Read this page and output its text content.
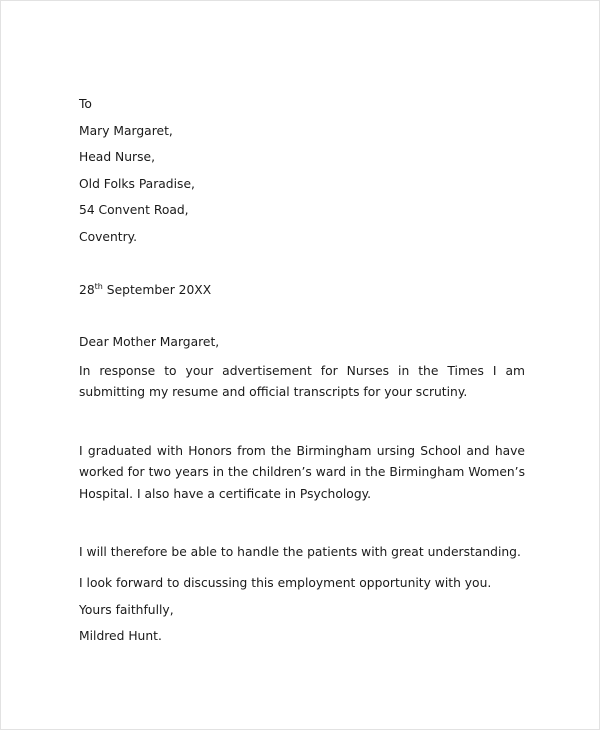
To

Mary Margaret,

Head Nurse,

Old Folks Paradise,

54 Convent Road,

Coventry.

28th September 20XX

Dear Mother Margaret,

In response to your advertisement for Nurses in the Times I am submitting my resume and official transcripts for your scrutiny.

I graduated with Honors from the Birmingham ursing School and have worked for two years in the children’s ward in the Birmingham Women’s Hospital. I also have a certificate in Psychology.

I will therefore be able to handle the patients with great understanding.

I look forward to discussing this employment opportunity with you.

Yours faithfully,

Mildred Hunt.
